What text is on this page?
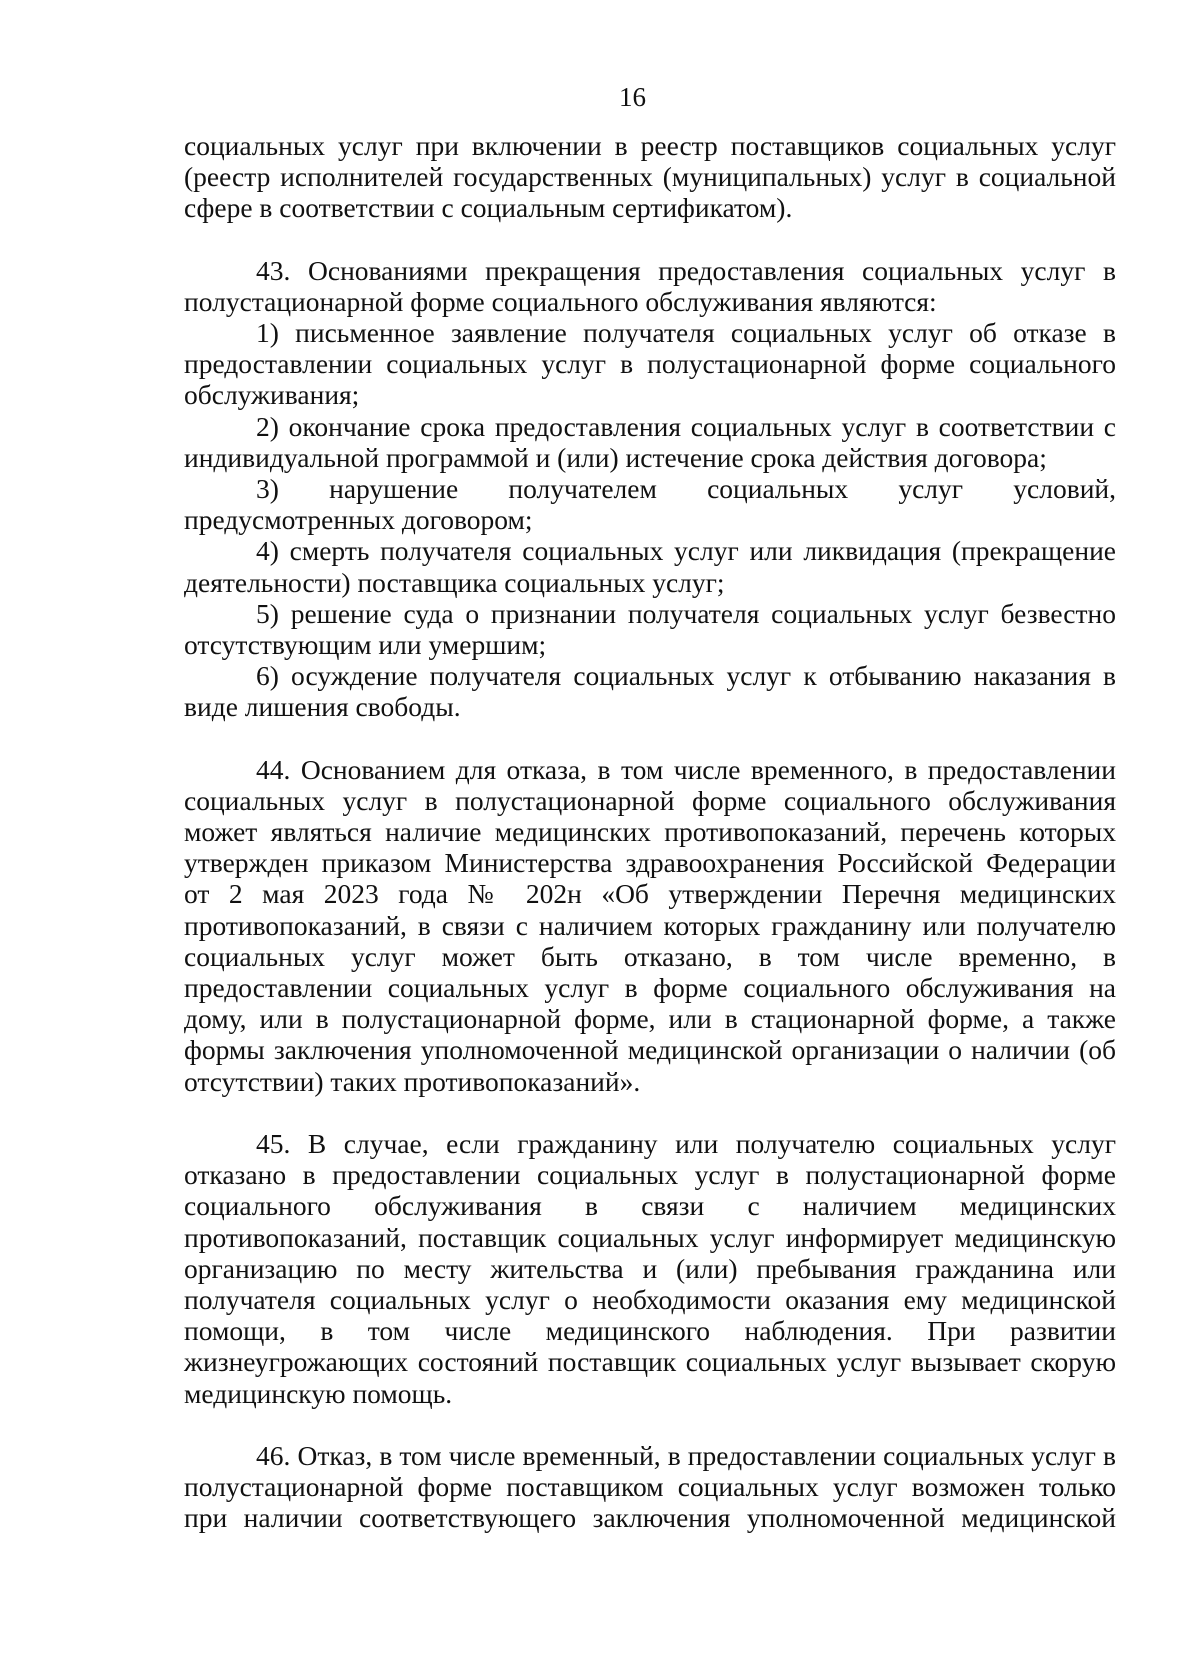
16

социальных услуг при включении в реестр поставщиков социальных услуг (реестр исполнителей государственных (муниципальных) услуг в социальной сфере в соответствии с социальным сертификатом).

43. Основаниями прекращения предоставления социальных услуг в полустационарной форме социального обслуживания являются:

1) письменное заявление получателя социальных услуг об отказе в предоставлении социальных услуг в полустационарной форме социального обслуживания;

2) окончание срока предоставления социальных услуг в соответствии с индивидуальной программой и (или) истечение срока действия договора;

3) нарушение получателем социальных услуг условий, предусмотренных договором;

4) смерть получателя социальных услуг или ликвидация (прекращение деятельности) поставщика социальных услуг;

5) решение суда о признании получателя социальных услуг безвестно отсутствующим или умершим;

6) осуждение получателя социальных услуг к отбыванию наказания в виде лишения свободы.

44. Основанием для отказа, в том числе временного, в предоставлении социальных услуг в полустационарной форме социального обслуживания может являться наличие медицинских противопоказаний, перечень которых утвержден приказом Министерства здравоохранения Российской Федерации от 2 мая 2023 года № 202н «Об утверждении Перечня медицинских противопоказаний, в связи с наличием которых гражданину или получателю социальных услуг может быть отказано, в том числе временно, в предоставлении социальных услуг в форме социального обслуживания на дому, или в полустационарной форме, или в стационарной форме, а также формы заключения уполномоченной медицинской организации о наличии (об отсутствии) таких противопоказаний».

45. В случае, если гражданину или получателю социальных услуг отказано в предоставлении социальных услуг в полустационарной форме социального обслуживания в связи с наличием медицинских противопоказаний, поставщик социальных услуг информирует медицинскую организацию по месту жительства и (или) пребывания гражданина или получателя социальных услуг о необходимости оказания ему медицинской помощи, в том числе медицинского наблюдения. При развитии жизнеугрожающих состояний поставщик социальных услуг вызывает скорую медицинскую помощь.

46. Отказ, в том числе временный, в предоставлении социальных услуг в полустационарной форме поставщиком социальных услуг возможен только при наличии соответствующего заключения уполномоченной медицинской
